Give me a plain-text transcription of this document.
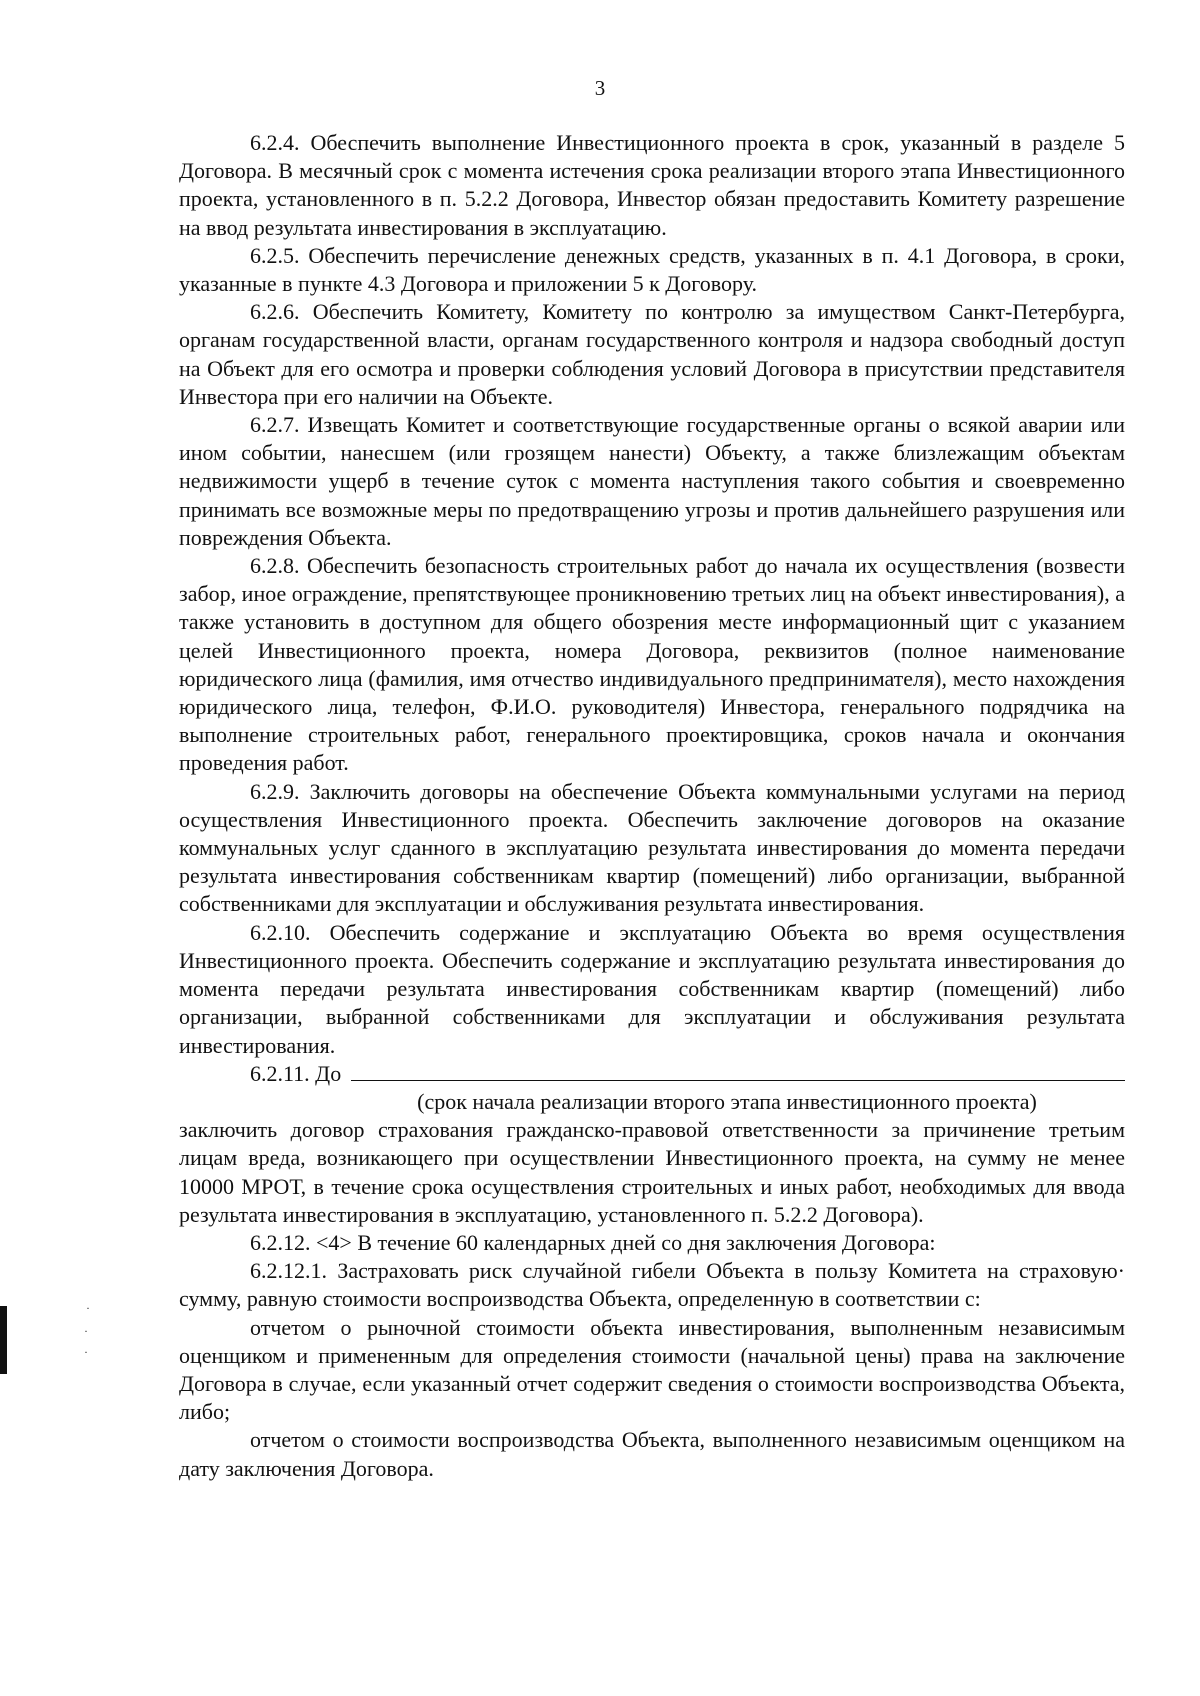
3

6.2.4. Обеспечить выполнение Инвестиционного проекта в срок, указанный в разделе 5 Договора. В месячный срок с момента истечения срока реализации второго этапа Инвестиционного проекта, установленного в п. 5.2.2 Договора, Инвестор обязан предоставить Комитету разрешение на ввод результата инвестирования в эксплуатацию.

6.2.5. Обеспечить перечисление денежных средств, указанных в п. 4.1 Договора, в сроки, указанные в пункте 4.3 Договора и приложении 5 к Договору.

6.2.6. Обеспечить Комитету, Комитету по контролю за имуществом Санкт-Петербурга, органам государственной власти, органам государственного контроля и надзора свободный доступ на Объект для его осмотра и проверки соблюдения условий Договора в присутствии представителя Инвестора при его наличии на Объекте.

6.2.7. Извещать Комитет и соответствующие государственные органы о всякой аварии или ином событии, нанесшем (или грозящем нанести) Объекту, а также близлежащим объектам недвижимости ущерб в течение суток с момента наступления такого события и своевременно принимать все возможные меры по предотвращению угрозы и против дальнейшего разрушения или повреждения Объекта.

6.2.8. Обеспечить безопасность строительных работ до начала их осуществления (возвести забор, иное ограждение, препятствующее проникновению третьих лиц на объект инвестирования), а также установить в доступном для общего обозрения месте информационный щит с указанием целей Инвестиционного проекта, номера Договора, реквизитов (полное наименование юридического лица (фамилия, имя отчество индивидуального предпринимателя), место нахождения юридического лица, телефон, Ф.И.О. руководителя) Инвестора, генерального подрядчика на выполнение строительных работ, генерального проектировщика, сроков начала и окончания проведения работ.

6.2.9. Заключить договоры на обеспечение Объекта коммунальными услугами на период осуществления Инвестиционного проекта. Обеспечить заключение договоров на оказание коммунальных услуг сданного в эксплуатацию результата инвестирования до момента передачи результата инвестирования собственникам квартир (помещений) либо организации, выбранной собственниками для эксплуатации и обслуживания результата инвестирования.

6.2.10. Обеспечить содержание и эксплуатацию Объекта во время осуществления Инвестиционного проекта. Обеспечить содержание и эксплуатацию результата инвестирования до момента передачи результата инвестирования собственникам квартир (помещений) либо организации, выбранной собственниками для эксплуатации и обслуживания результата инвестирования.

6.2.11. До
(срок начала реализации второго этапа инвестиционного проекта)

заключить договор страхования гражданско-правовой ответственности за причинение третьим лицам вреда, возникающего при осуществлении Инвестиционного проекта, на сумму не менее 10000 МРОТ, в течение срока осуществления строительных и иных работ, необходимых для ввода результата инвестирования в эксплуатацию, установленного п. 5.2.2 Договора).

6.2.12. <4> В течение 60 календарных дней со дня заключения Договора:

6.2.12.1. Застраховать риск случайной гибели Объекта в пользу Комитета на страховую· сумму, равную стоимости воспроизводства Объекта, определенную в соответствии с:

отчетом о рыночной стоимости объекта инвестирования, выполненным независимым оценщиком и примененным для определения стоимости (начальной цены) права на заключение Договора в случае, если указанный отчет содержит сведения о стоимости воспроизводства Объекта, либо;

отчетом о стоимости воспроизводства Объекта, выполненного независимым оценщиком на дату заключения Договора.

·
·
·
